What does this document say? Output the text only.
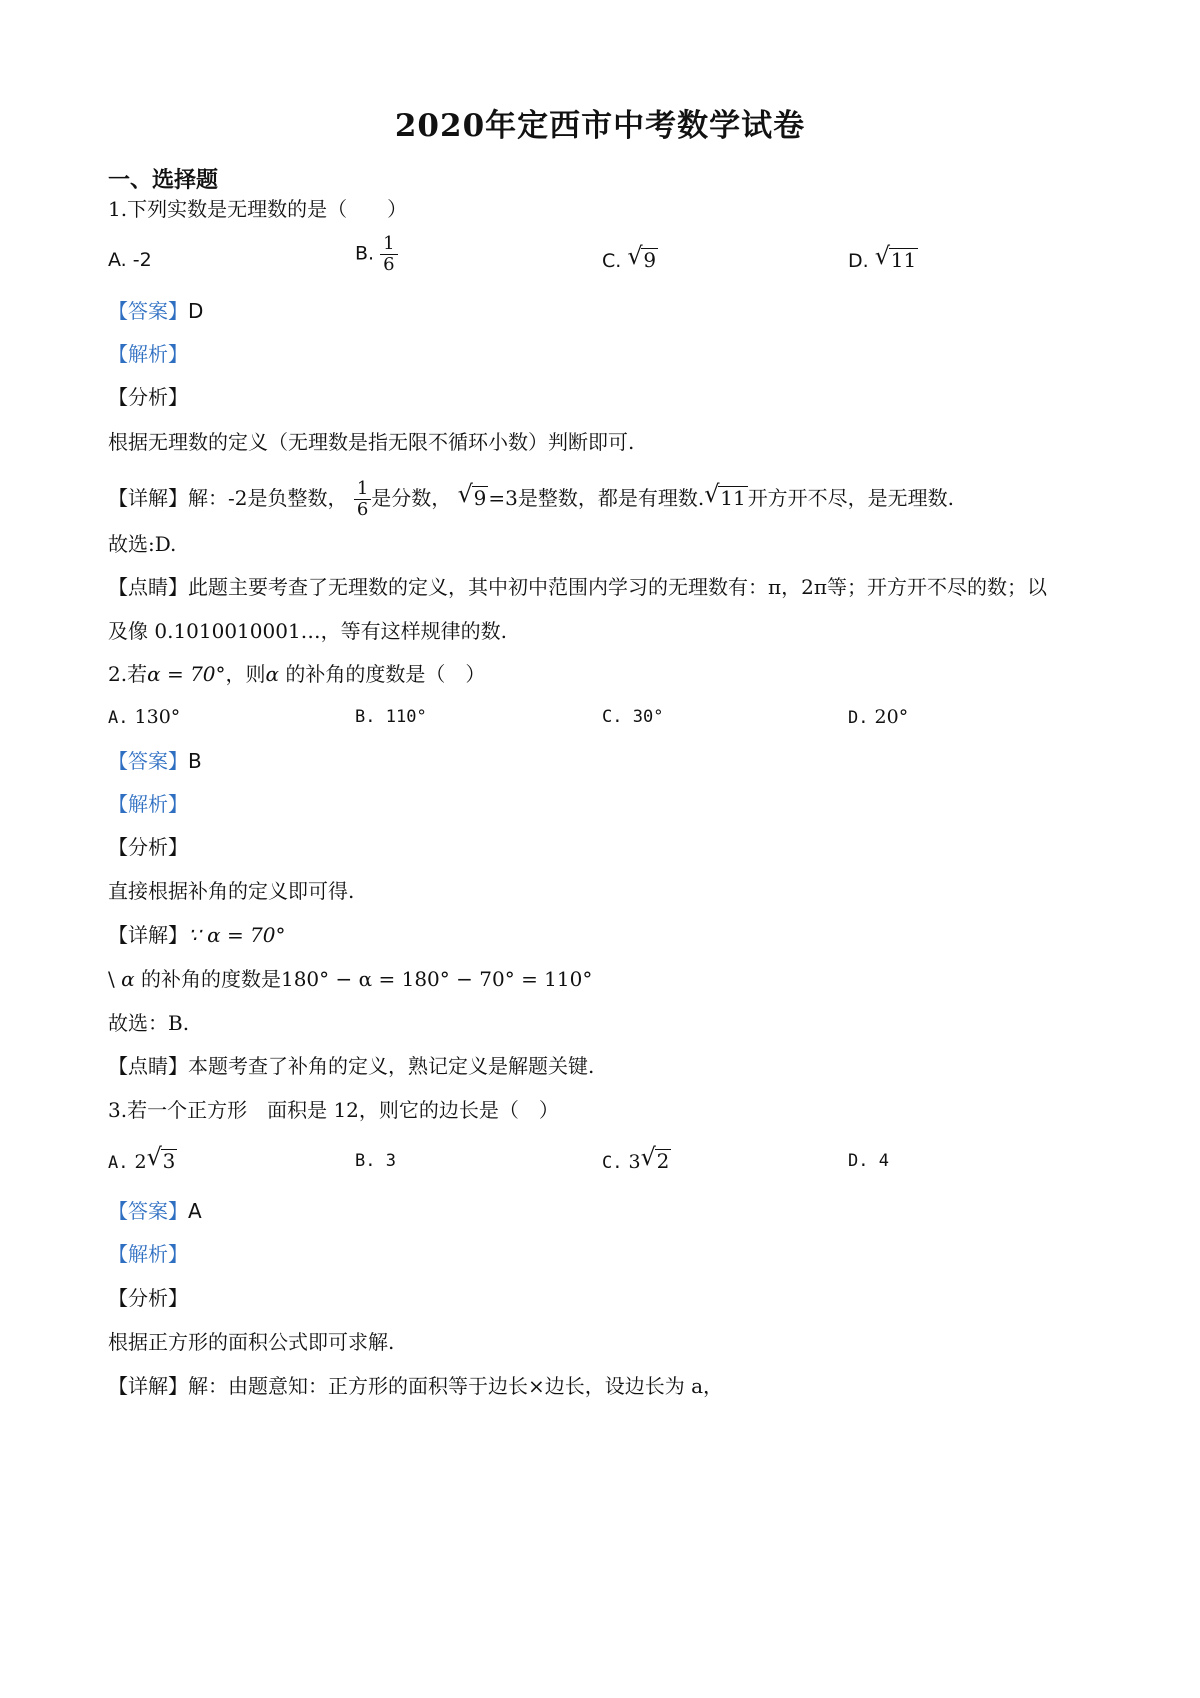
2020年定西市中考数学试卷
一、选择题
1.下列实数是无理数的是（　　）
A. -2	B. $\frac{1}{6}$	C. √ 9	D. √ 11
【答案】D
【解析】
【分析】
根据无理数的定义（无理数是指无限不循环小数）判断即可.
【详解】解：-2是负整数， $\frac{1}{6}$ 是分数， √ 9 =3是整数，都是有理数. √ 11 开方开不尽，是无理数.
故选:D.
【点睛】此题主要考查了无理数的定义，其中初中范围内学习的无理数有：π，2π等；开方开不尽的数；以
及像 0.1010010001…，等有这样规律的数.
2.若α = 70°，则α 的补角的度数是（　）
A. 130°	B. 110°	C. 30°	D. 20°
【答案】B
【解析】
【分析】
直接根据补角的定义即可得.
【详解】∵ α = 70°
\ α 的补角的度数是180° − α = 180° − 70° = 110°
故选：B.
【点睛】本题考查了补角的定义，熟记定义是解题关键.
3.若一个正方形　面积是 12，则它的边长是（　）
A. 2 √ 3	B. 3	C. 3 √ 2	D. 4
【答案】A
【解析】
【分析】
根据正方形的面积公式即可求解.
【详解】解：由题意知：正方形的面积等于边长×边长，设边长为 a，
